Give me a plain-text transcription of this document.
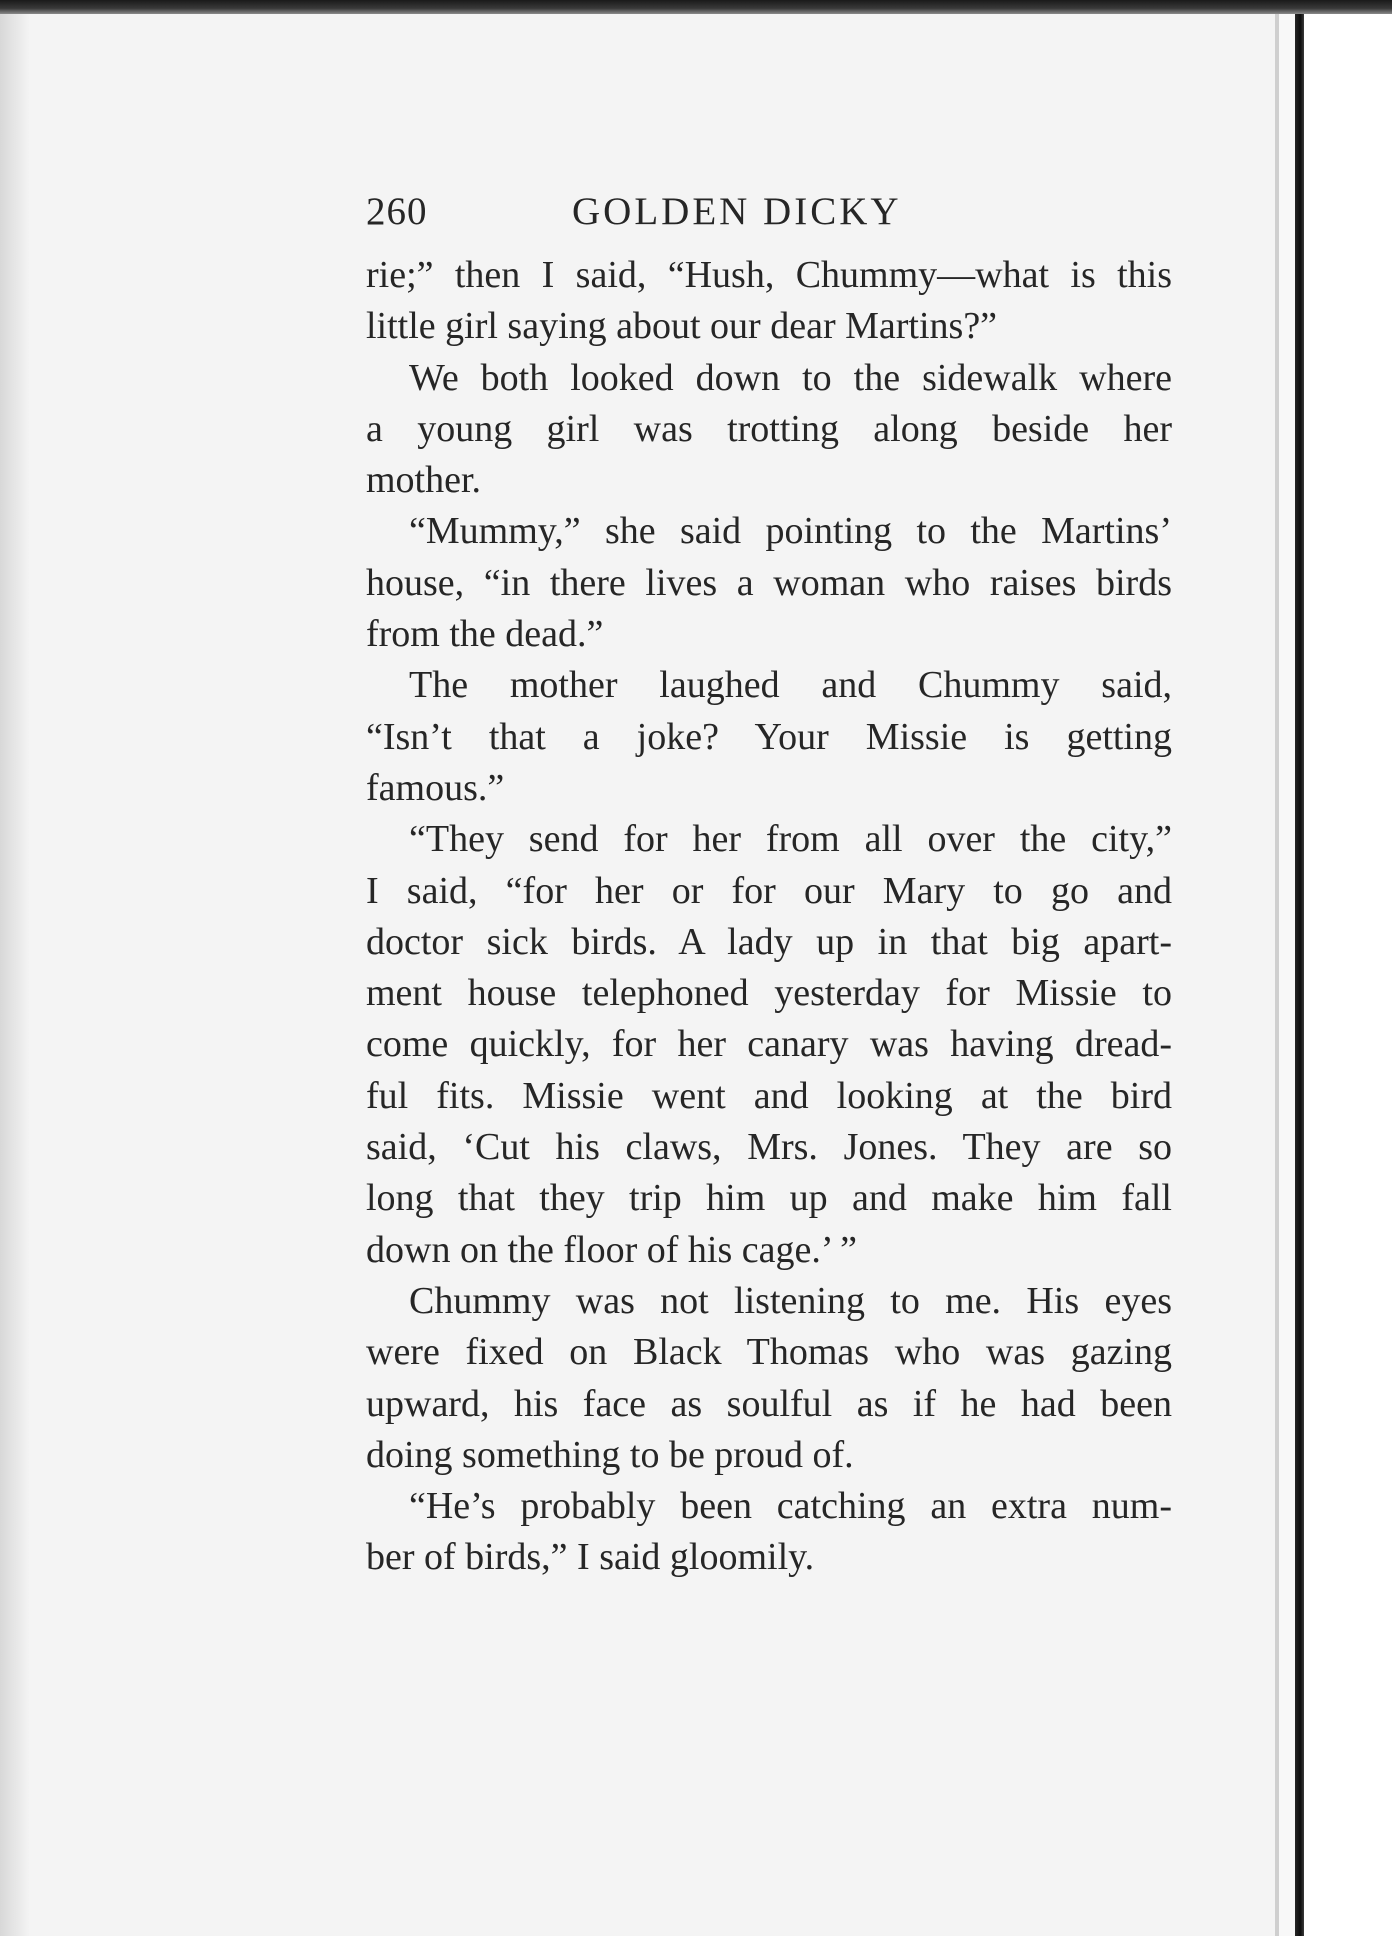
260	GOLDEN DICKY
rie;” then I said, “Hush, Chummy—what is this
little girl saying about our dear Martins?”
We both looked down to the sidewalk where
a young girl was trotting along beside her
mother.
“Mummy,” she said pointing to the Martins’
house, “in there lives a woman who raises birds
from the dead.”
The mother laughed and Chummy said,
“Isn’t that a joke? Your Missie is getting
famous.”
“They send for her from all over the city,”
I said, “for her or for our Mary to go and
doctor sick birds. A lady up in that big apart-
ment house telephoned yesterday for Missie to
come quickly, for her canary was having dread-
ful fits. Missie went and looking at the bird
said, ‘Cut his claws, Mrs. Jones. They are so
long that they trip him up and make him fall
down on the floor of his cage.’ ”
Chummy was not listening to me. His eyes
were fixed on Black Thomas who was gazing
upward, his face as soulful as if he had been
doing something to be proud of.
“He’s probably been catching an extra num-
ber of birds,” I said gloomily.
